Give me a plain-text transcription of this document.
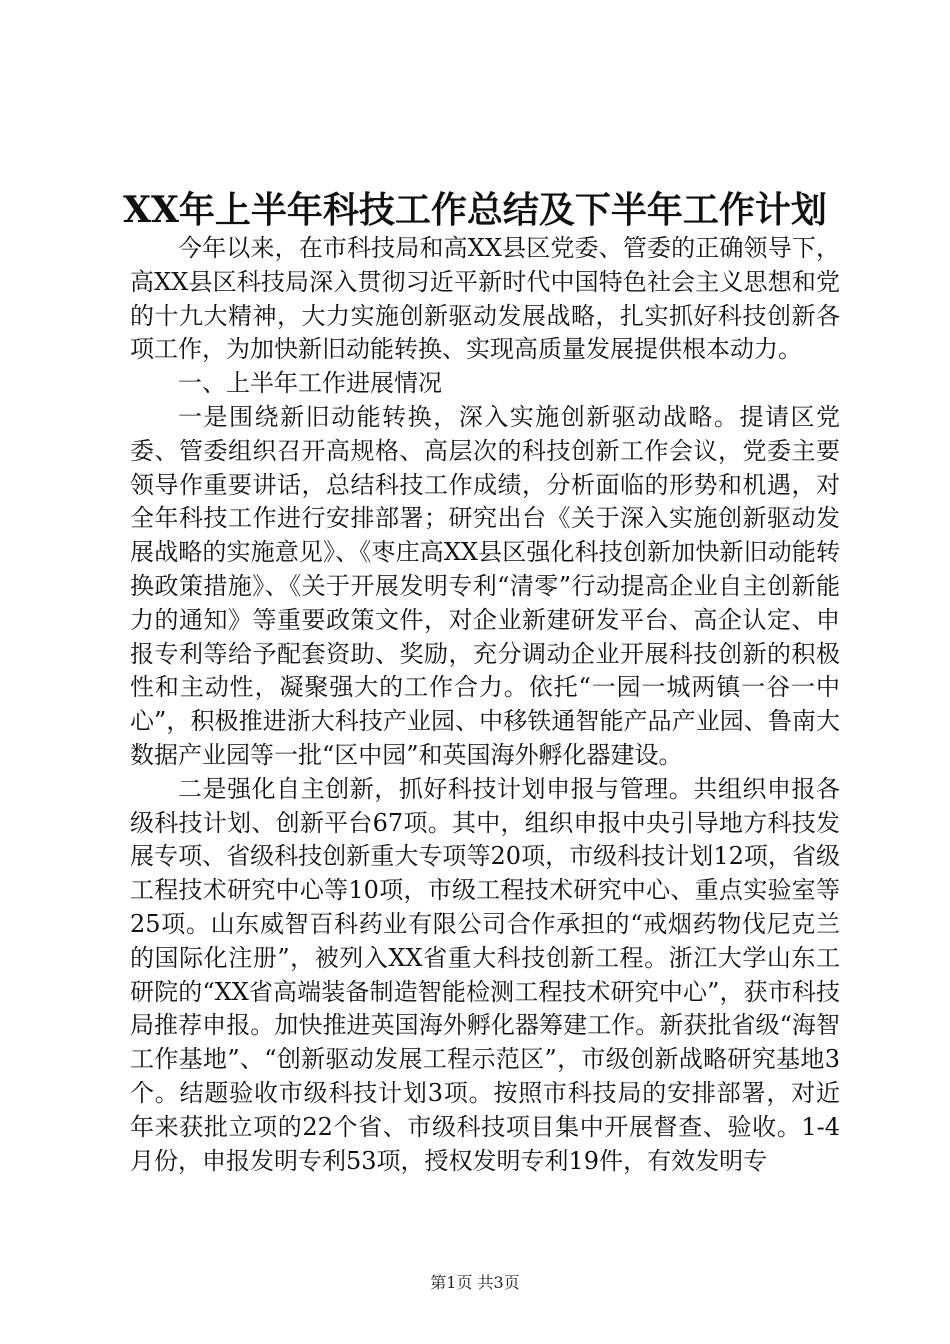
XX年上半年科技工作总结及下半年工作计划

今年以来，在市科技局和高XX县区党委、管委的正确领导下，高XX县区科技局深入贯彻习近平新时代中国特色社会主义思想和党的十九大精神，大力实施创新驱动发展战略，扎实抓好科技创新各项工作，为加快新旧动能转换、实现高质量发展提供根本动力。

一、上半年工作进展情况

一是围绕新旧动能转换，深入实施创新驱动战略。提请区党委、管委组织召开高规格、高层次的科技创新工作会议，党委主要领导作重要讲话，总结科技工作成绩，分析面临的形势和机遇，对全年科技工作进行安排部署；研究出台《关于深入实施创新驱动发展战略的实施意见》、《枣庄高XX县区强化科技创新加快新旧动能转换政策措施》、《关于开展发明专利“清零”行动提高企业自主创新能力的通知》等重要政策文件，对企业新建研发平台、高企认定、申报专利等给予配套资助、奖励，充分调动企业开展科技创新的积极性和主动性，凝聚强大的工作合力。依托“一园一城两镇一谷一中心”，积极推进浙大科技产业园、中移铁通智能产品产业园、鲁南大数据产业园等一批“区中园”和英国海外孵化器建设。

二是强化自主创新，抓好科技计划申报与管理。共组织申报各级科技计划、创新平台67项。其中，组织申报中央引导地方科技发展专项、省级科技创新重大专项等20项，市级科技计划12项，省级工程技术研究中心等10项，市级工程技术研究中心、重点实验室等25项。山东威智百科药业有限公司合作承担的“戒烟药物伐尼克兰的国际化注册”，被列入XX省重大科技创新工程。浙江大学山东工研院的“XX省高端装备制造智能检测工程技术研究中心”，获市科技局推荐申报。加快推进英国海外孵化器筹建工作。新获批省级“海智工作基地”、“创新驱动发展工程示范区”，市级创新战略研究基地3个。结题验收市级科技计划3项。按照市科技局的安排部署，对近年来获批立项的22个省、市级科技项目集中开展督查、验收。1-4月份，申报发明专利53项，授权发明专利19件，有效发明专

第1页 共3页
